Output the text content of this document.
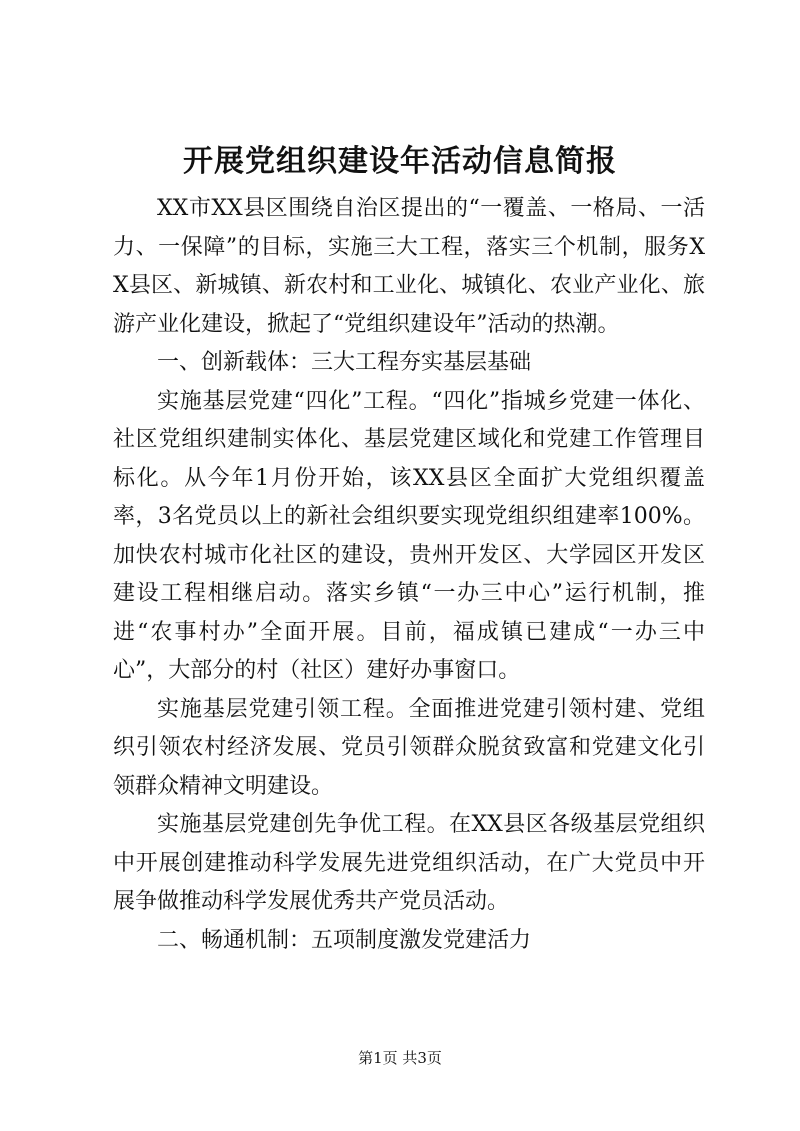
开展党组织建设年活动信息简报

XX市XX县区围绕自治区提出的“一覆盖、一格局、一活力、一保障”的目标，实施三大工程，落实三个机制，服务XX县区、新城镇、新农村和工业化、城镇化、农业产业化、旅游产业化建设，掀起了“党组织建设年”活动的热潮。

一、创新载体：三大工程夯实基层基础

实施基层党建“四化”工程。“四化”指城乡党建一体化、社区党组织建制实体化、基层党建区域化和党建工作管理目标化。从今年1月份开始，该XX县区全面扩大党组织覆盖率，3名党员以上的新社会组织要实现党组织组建率100%。加快农村城市化社区的建设，贵州开发区、大学园区开发区建设工程相继启动。落实乡镇“一办三中心”运行机制，推进“农事村办”全面开展。目前，福成镇已建成“一办三中心”，大部分的村（社区）建好办事窗口。

实施基层党建引领工程。全面推进党建引领村建、党组织引领农村经济发展、党员引领群众脱贫致富和党建文化引领群众精神文明建设。

实施基层党建创先争优工程。在XX县区各级基层党组织中开展创建推动科学发展先进党组织活动，在广大党员中开展争做推动科学发展优秀共产党员活动。

二、畅通机制：五项制度激发党建活力

第1页 共3页
